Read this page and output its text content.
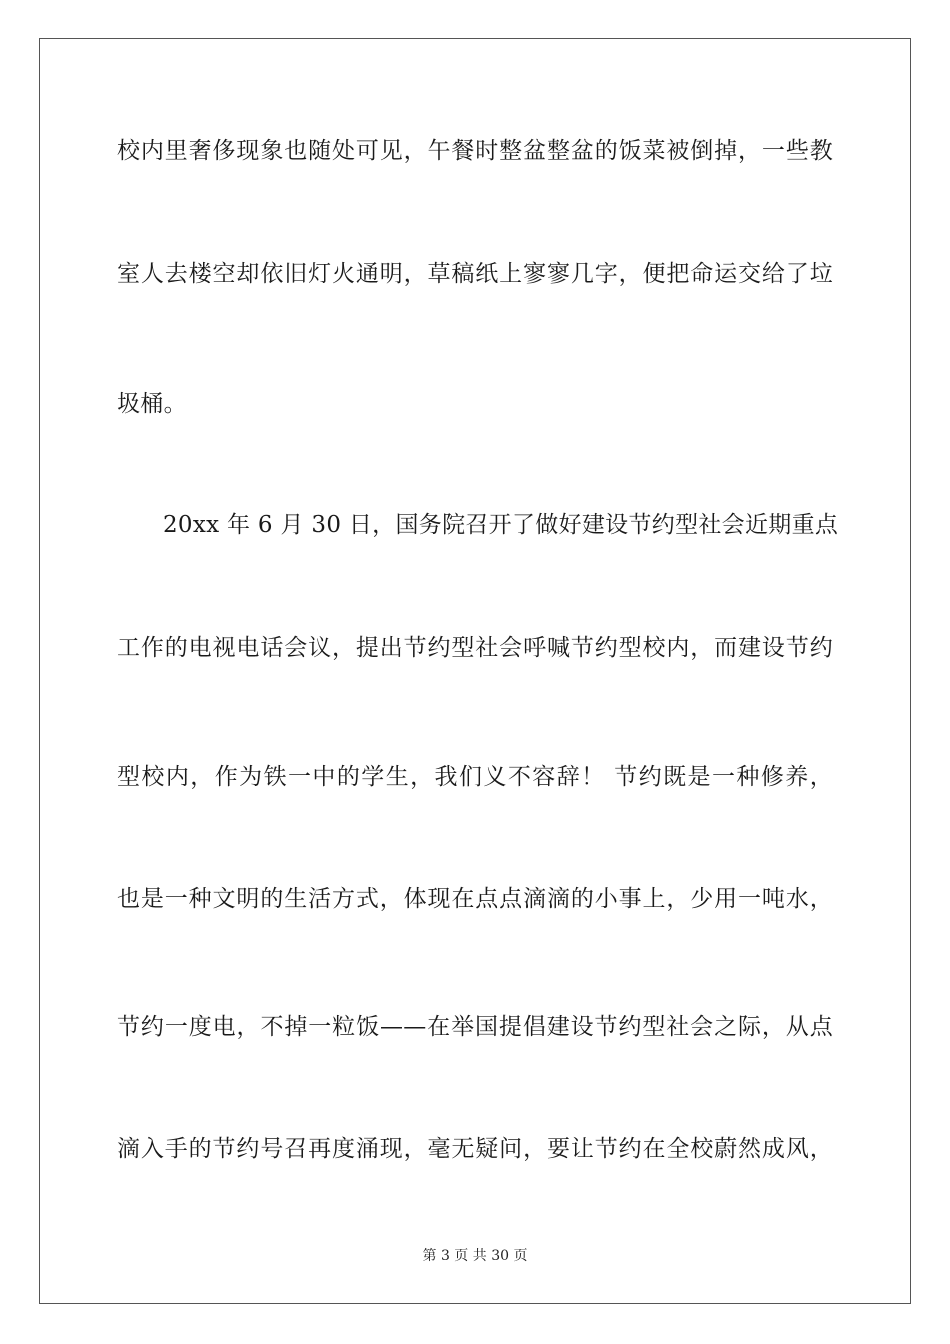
校内里奢侈现象也随处可见，午餐时整盆整盆的饭菜被倒掉，一些教
室人去楼空却依旧灯火通明，草稿纸上寥寥几字，便把命运交给了垃
圾桶。
20xx 年 6 月 30 日，国务院召开了做好建设节约型社会近期重点
工作的电视电话会议，提出节约型社会呼喊节约型校内，而建设节约
型校内，作为铁一中的学生，我们义不容辞！ 节约既是一种修养，
也是一种文明的生活方式，体现在点点滴滴的小事上，少用一吨水，
节约一度电，不掉一粒饭——在举国提倡建设节约型社会之际，从点
滴入手的节约号召再度涌现，毫无疑问，要让节约在全校蔚然成风，
第 3 页 共 30 页
